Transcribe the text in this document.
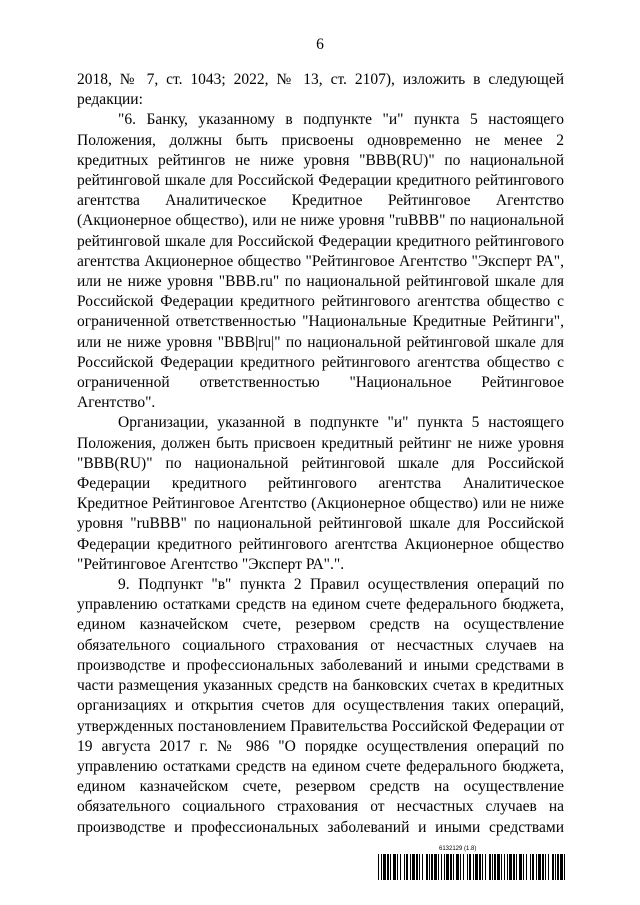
6

2018, № 7, ст. 1043; 2022, № 13, ст. 2107), изложить в следующей редакции:

"6. Банку, указанному в подпункте "и" пункта 5 настоящего Положения, должны быть присвоены одновременно не менее 2 кредитных рейтингов не ниже уровня "BBB(RU)" по национальной рейтинговой шкале для Российской Федерации кредитного рейтингового агентства Аналитическое Кредитное Рейтинговое Агентство (Акционерное общество), или не ниже уровня "ruBBB" по национальной рейтинговой шкале для Российской Федерации кредитного рейтингового агентства Акционерное общество "Рейтинговое Агентство "Эксперт РА", или не ниже уровня "BBB.ru" по национальной рейтинговой шкале для Российской Федерации кредитного рейтингового агентства общество с ограниченной ответственностью "Национальные Кредитные Рейтинги", или не ниже уровня "BBB|ru|" по национальной рейтинговой шкале для Российской Федерации кредитного рейтингового агентства общество с ограниченной ответственностью "Национальное Рейтинговое Агентство".

Организации, указанной в подпункте "и" пункта 5 настоящего Положения, должен быть присвоен кредитный рейтинг не ниже уровня "BBB(RU)" по национальной рейтинговой шкале для Российской Федерации кредитного рейтингового агентства Аналитическое Кредитное Рейтинговое Агентство (Акционерное общество) или не ниже уровня "ruBBB" по национальной рейтинговой шкале для Российской Федерации кредитного рейтингового агентства Акционерное общество "Рейтинговое Агентство "Эксперт РА".".

9. Подпункт "в" пункта 2 Правил осуществления операций по управлению остатками средств на едином счете федерального бюджета, едином казначейском счете, резервом средств на осуществление обязательного социального страхования от несчастных случаев на производстве и профессиональных заболеваний и иными средствами в части размещения указанных средств на банковских счетах в кредитных организациях и открытия счетов для осуществления таких операций, утвержденных постановлением Правительства Российской Федерации от 19 августа 2017 г. № 986 "О порядке осуществления операций по управлению остатками средств на едином счете федерального бюджета, едином казначейском счете, резервом средств на осуществление обязательного социального страхования от несчастных случаев на производстве и профессиональных заболеваний и иными средствами

6132129 (1.8)
